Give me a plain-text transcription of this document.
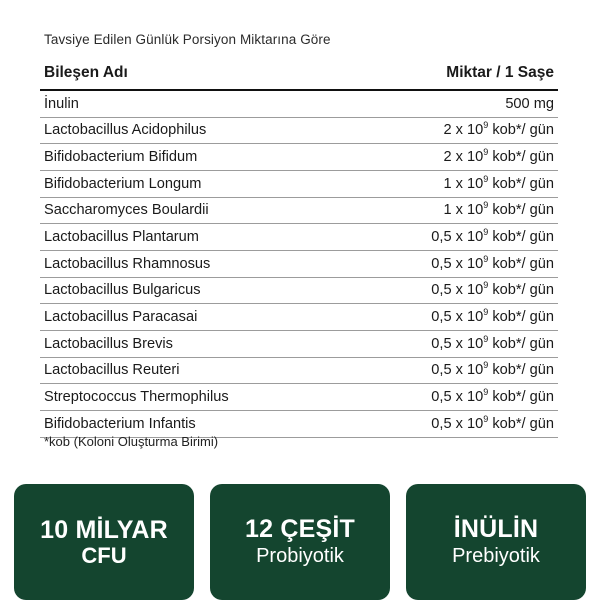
Tavsiye Edilen Günlük Porsiyon Miktarına Göre
Bileşen Adı	Miktar / 1 Saşe
İnulin	500 mg
Lactobacillus Acidophilus	2 x $10^9$ kob*/ gün
Bifidobacterium Bifidum	2 x $10^9$ kob*/ gün
Bifidobacterium Longum	1 x $10^9$ kob*/ gün
Saccharomyces Boulardii	1 x $10^9$ kob*/ gün
Lactobacillus Plantarum	0,5 x $10^9$ kob*/ gün
Lactobacillus Rhamnosus	0,5 x $10^9$ kob*/ gün
Lactobacillus Bulgaricus	0,5 x $10^9$ kob*/ gün
Lactobacillus Paracasai	0,5 x $10^9$ kob*/ gün
Lactobacillus Brevis	0,5 x $10^9$ kob*/ gün
Lactobacillus Reuteri	0,5 x $10^9$ kob*/ gün
Streptococcus Thermophilus	0,5 x $10^9$ kob*/ gün
Bifidobacterium Infantis	0,5 x $10^9$ kob*/ gün
*kob (Koloni Oluşturma Birimi)
10 MİLYAR
CFU
12 ÇEŞİT
Probiyotik
İNÜLİN
Prebiyotik
